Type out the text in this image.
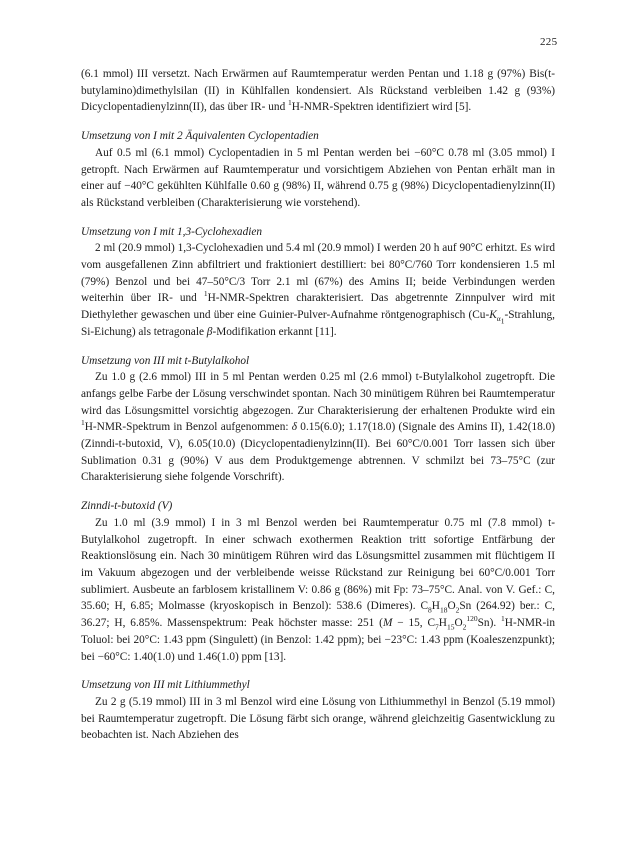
225

(6.1 mmol) III versetzt. Nach Erwärmen auf Raumtemperatur werden Pentan und 1.18 g (97%) Bis(t-butylamino)dimethylsilan (II) in Kühlfallen kondensiert. Als Rückstand verbleiben 1.42 g (93%) Dicyclopentadienylzinn(II), das über IR- und $^1$H-NMR-Spektren identifiziert wird [5].

Umsetzung von I mit 2 Äquivalenten Cyclopentadien

Auf 0.5 ml (6.1 mmol) Cyclopentadien in 5 ml Pentan werden bei −60°C 0.78 ml (3.05 mmol) I getropft. Nach Erwärmen auf Raumtemperatur und vorsichtigem Abziehen von Pentan erhält man in einer auf −40°C gekühlten Kühlfalle 0.60 g (98%) II, während 0.75 g (98%) Dicyclopentadienylzinn(II) als Rückstand verbleiben (Charakterisierung wie vorstehend).

Umsetzung von I mit 1,3-Cyclohexadien

2 ml (20.9 mmol) 1,3-Cyclohexadien und 5.4 ml (20.9 mmol) I werden 20 h auf 90°C erhitzt. Es wird vom ausgefallenen Zinn abfiltriert und fraktioniert destilliert: bei 80°C/760 Torr kondensieren 1.5 ml (79%) Benzol und bei 47–50°C/3 Torr 2.1 ml (67%) des Amins II; beide Verbindungen werden weiterhin über IR- und $^1$H-NMR-Spektren charakterisiert. Das abgetrennte Zinnpulver wird mit Diethylether gewaschen und über eine Guinier-Pulver-Aufnahme röntgenographisch ($Cu-K_{\alpha_1}$-Strahlung, Si-Eichung) als tetragonale β-Modifikation erkannt [11].

Umsetzung von III mit t-Butylalkohol

Zu 1.0 g (2.6 mmol) III in 5 ml Pentan werden 0.25 ml (2.6 mmol) t-Butylalkohol zugetropft. Die anfangs gelbe Farbe der Lösung verschwindet spontan. Nach 30 minütigem Rühren bei Raumtemperatur wird das Lösungsmittel vorsichtig abgezogen. Zur Charakterisierung der erhaltenen Produkte wird ein $^1$H-NMR-Spektrum in Benzol aufgenommen: δ 0.15(6.0); 1.17(18.0) (Signale des Amins II), 1.42(18.0) (Zinndi-t-butoxid, V), 6.05(10.0) (Dicyclopentadienylzinn(II). Bei 60°C/0.001 Torr lassen sich über Sublimation 0.31 g (90%) V aus dem Produktgemenge abtrennen. V schmilzt bei 73–75°C (zur Charakterisierung siehe folgende Vorschrift).

Zinndi-t-butoxid (V)

Zu 1.0 ml (3.9 mmol) I in 3 ml Benzol werden bei Raumtemperatur 0.75 ml (7.8 mmol) t-Butylalkohol zugetropft. In einer schwach exothermen Reaktion tritt sofortige Entfärbung der Reaktionslösung ein. Nach 30 minütigem Rühren wird das Lösungsmittel zusammen mit flüchtigem II im Vakuum abgezogen und der verbleibende weisse Rückstand zur Reinigung bei 60°C/0.001 Torr sublimiert. Ausbeute an farblosem kristallinem V: 0.86 g (86%) mit Fp: 73–75°C. Anal. von V. Gef.: C, 35.60; H, 6.85; Molmasse (kryoskopisch in Benzol): 538.6 (Dimeres). $C_8H_{18}O_2Sn$ (264.92) ber.: C, 36.27; H, 6.85%. Massenspektrum: Peak höchster masse: 251 (M − 15, $C_7H_{15}O_2^{120}Sn$). $^1$H-NMR-in Toluol: bei 20°C: 1.43 ppm (Singulett) (in Benzol: 1.42 ppm); bei −23°C: 1.43 ppm (Koaleszenzpunkt); bei −60°C: 1.40(1.0) und 1.46(1.0) ppm [13].

Umsetzung von III mit Lithiummethyl

Zu 2 g (5.19 mmol) III in 3 ml Benzol wird eine Lösung von Lithiummethyl in Benzol (5.19 mmol) bei Raumtemperatur zugetropft. Die Lösung färbt sich orange, während gleichzeitig Gasentwicklung zu beobachten ist. Nach Abziehen des
